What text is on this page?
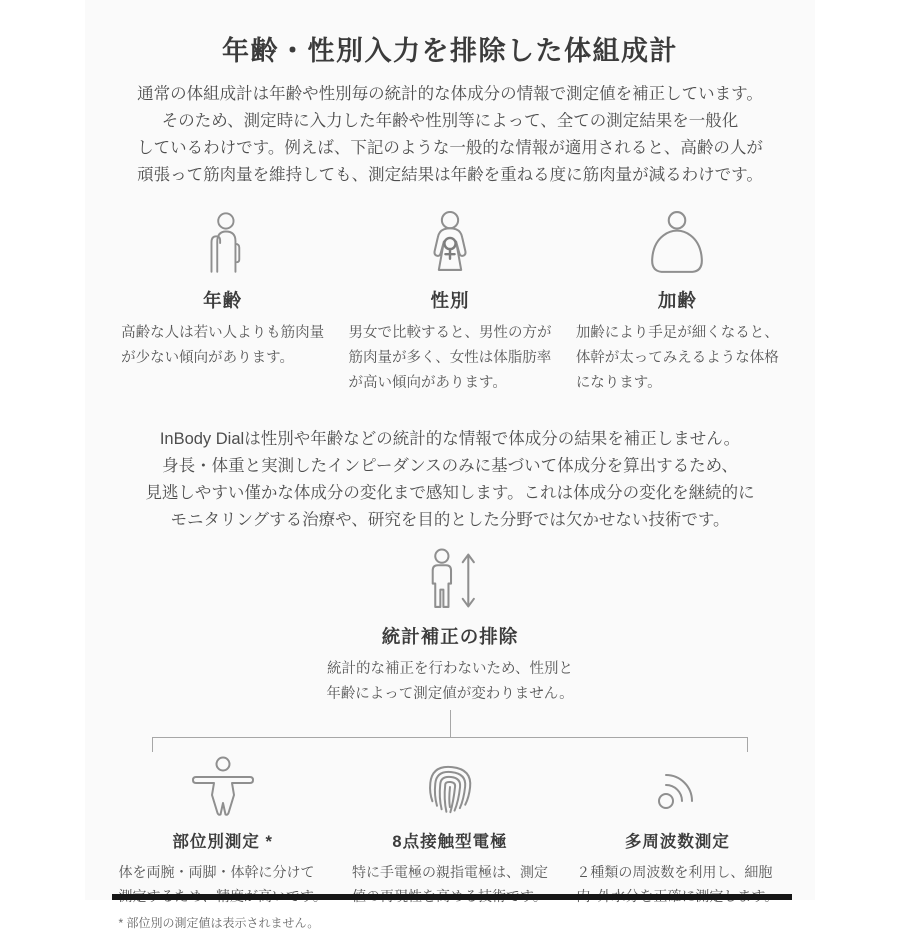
年齢・性別入力を排除した体組成計
通常の体組成計は年齢や性別毎の統計的な体成分の情報で測定値を補正しています。
そのため、測定時に入力した年齢や性別等によって、全ての測定結果を一般化
しているわけです。例えば、下記のような一般的な情報が適用されると、高齢の人が
頑張って筋肉量を維持しても、測定結果は年齢を重ねる度に筋肉量が減るわけです。
年齢
高齢な人は若い人よりも筋肉量
が少ない傾向があります。
性別
男女で比較すると、男性の方が
筋肉量が多く、女性は体脂肪率
が高い傾向があります。
加齢
加齢により手足が細くなると、
体幹が太ってみえるような体格
になります。
InBody Dialは性別や年齢などの統計的な情報で体成分の結果を補正しません。
身長・体重と実測したインピーダンスのみに基づいて体成分を算出するため、
見逃しやすい僅かな体成分の変化まで感知します。これは体成分の変化を継続的に
モニタリングする治療や、研究を目的とした分野では欠かせない技術です。
統計補正の排除
統計的な補正を行わないため、性別と
年齢によって測定値が変わりません。
部位別測定 *
体を両腕・両脚・体幹に分けて
* 部位別の測定値は表示されません。
8点接触型電極
特に手電極の親指電極は、測定
多周波数測定
２種類の周波数を利用し、細胞
